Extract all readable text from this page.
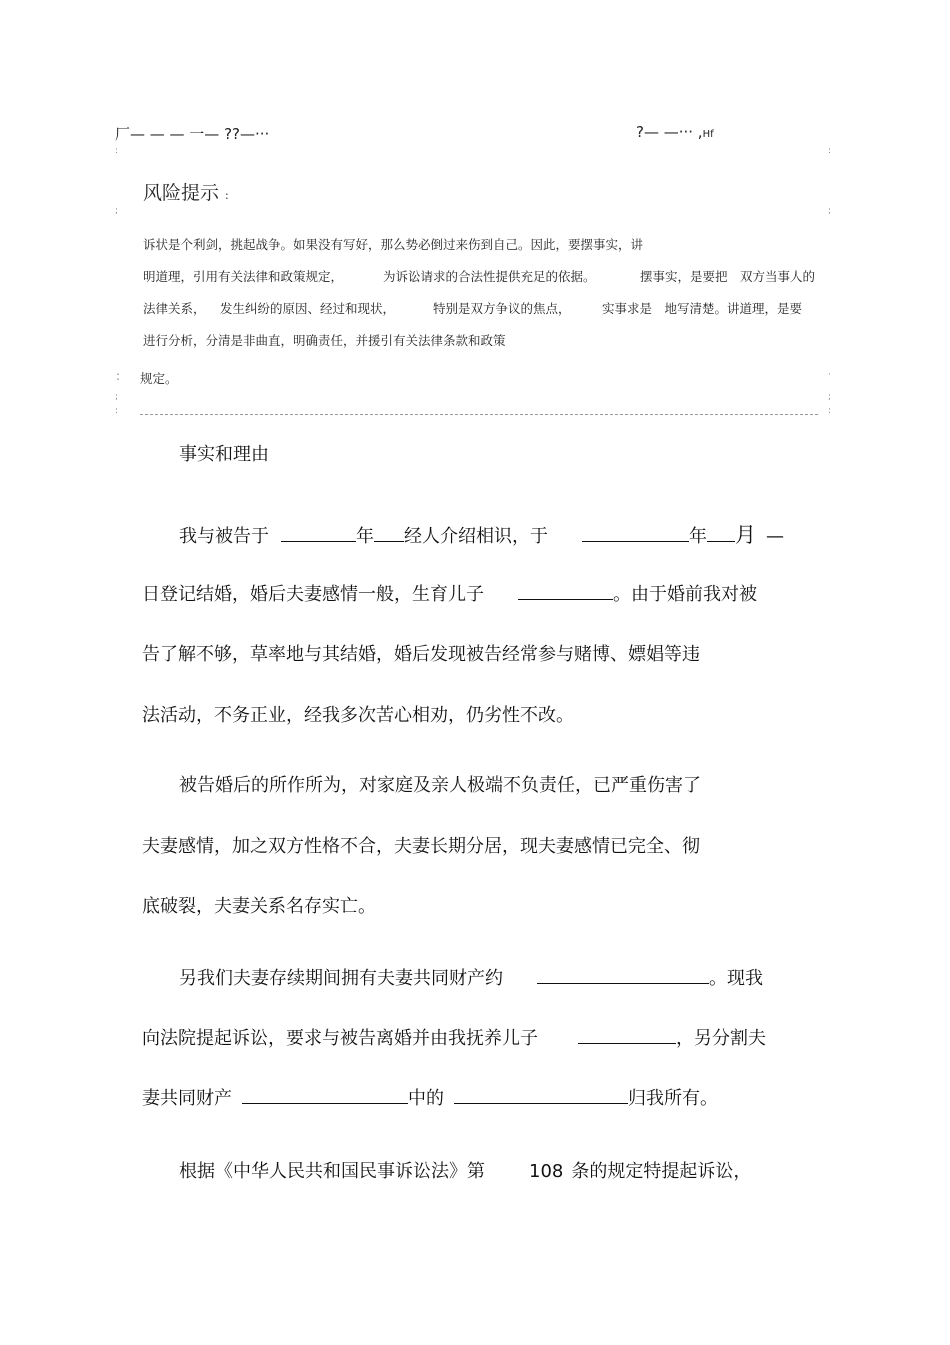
厂— — — 一— ??—···	?— —··· ,Hf
:	:
;	;
·
;	;
:	:
风险提示 :
诉状是个利剑，挑起战争。如果没有写好，那么势必倒过来伤到自己。因此，要摆事实，讲
明道理，引用有关法律和政策规定，	为诉讼请求的合法性提供充足的依据。	摆事实，是要把　双方当事人的
法律关系， 发生纠纷的原因、经过和现状，	特别是双方争议的焦点，	实事求是　地写清楚。讲道理，是要
进行分析，分清是非曲直，明确责任，并援引有关法律条款和政策
: 规定。
事实和理由
我与被告于	年 经人介绍相识，于	年 月 —
日登记结婚，婚后夫妻感情一般，生育儿子	。由于婚前我对被
告了解不够，草率地与其结婚，婚后发现被告经常参与赌博、嫖娼等违
法活动，不务正业，经我多次苦心相劝，仍劣性不改。
被告婚后的所作所为，对家庭及亲人极端不负责任，已严重伤害了
夫妻感情，加之双方性格不合，夫妻长期分居，现夫妻感情已完全、彻
底破裂，夫妻关系名存实亡。
另我们夫妻存续期间拥有夫妻共同财产约	。现我
向法院提起诉讼，要求与被告离婚并由我抚养儿子	，另分割夫
妻共同财产	中的	归我所有。
根据《中华人民共和国民事诉讼法》第 108 条的规定特提起诉讼，
